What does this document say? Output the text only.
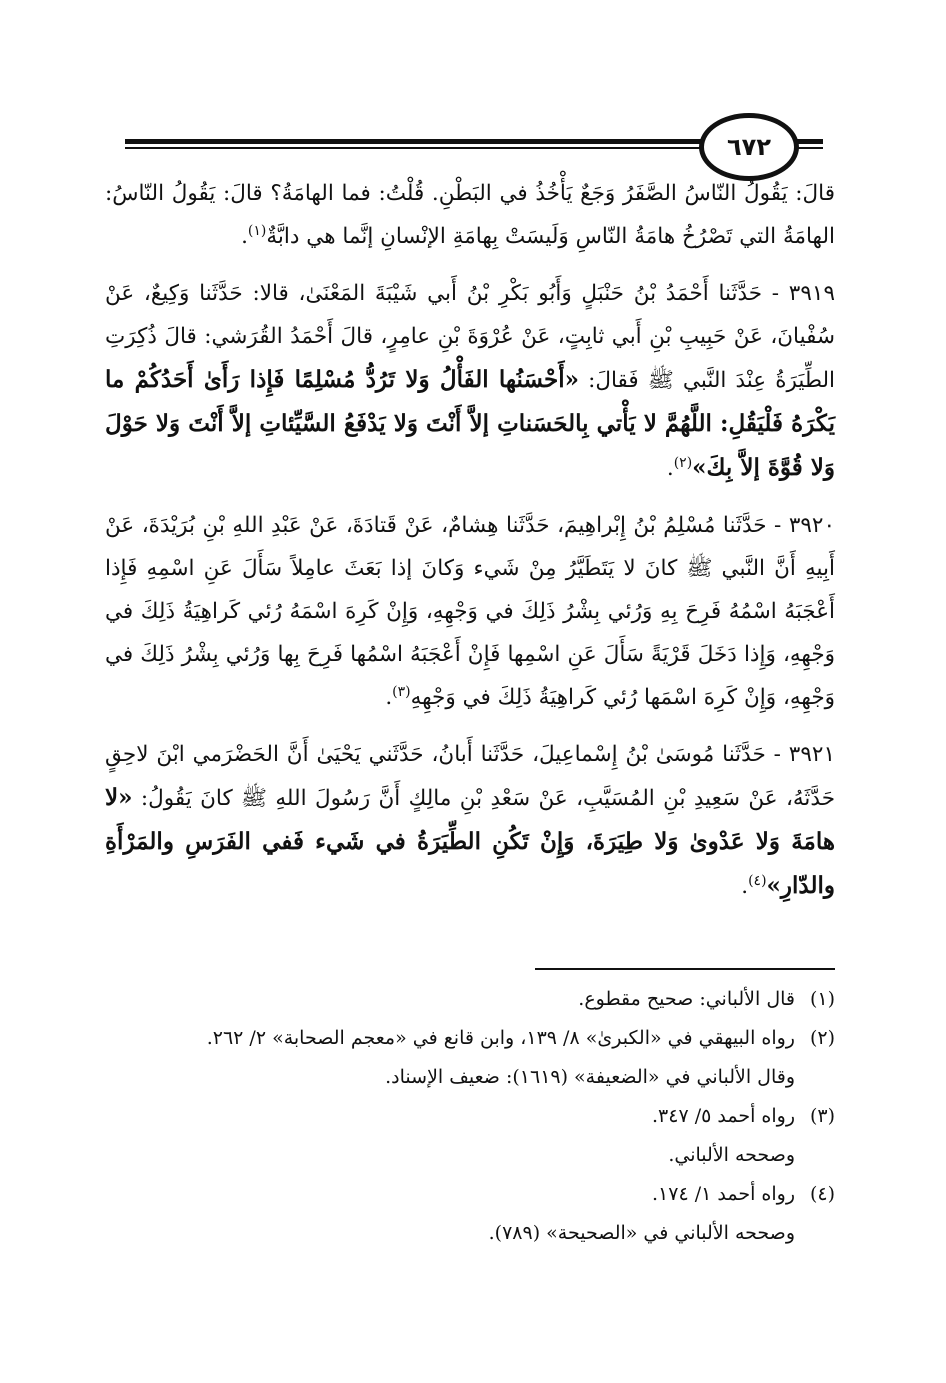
٦٧٢

قالَ: يَقُولُ النّاسُ الصَّفَرُ وَجَعٌ يَأْخُذُ في البَطْنِ. قُلْتُ: فما الهامَةُ؟ قالَ: يَقُولُ النّاسُ: الهامَةُ التي تَصْرُخُ هامَةُ النّاسِ وَلَيسَتْ بِهامَةِ الإنْسانِ إنَّما هي دابَّةٌ$^{(١)}$.

٣٩١٩ - حَدَّثَنا أَحْمَدُ بْنُ حَنْبَلٍ وَأَبُو بَكْرِ بْنُ أَبي شَيْبَةَ المَعْنَىٰ، قالا: حَدَّثَنا وَكِيعٌ، عَنْ سُفْيانَ، عَنْ حَبِيبِ بْنِ أَبي ثابِتٍ، عَنْ عُرْوَةَ بْنِ عامِرٍ، قالَ أَحْمَدُ القُرَشي: قالَ ذُكِرَتِ الطِّيَرَةُ عِنْدَ النَّبي ﷺ فَقالَ: «أَحْسَنُها الفَأْلُ وَلا تَرُدُّ مُسْلِمًا فَإِذا رَأَىٰ أَحَدُكُمْ ما يَكْرَهُ فَلْيَقُلِ: اللَّهُمَّ لا يَأْتي بِالحَسَناتِ إلاَّ أَنْتَ وَلا يَدْفَعُ السَّيِّئاتِ إلاَّ أَنْتَ وَلا حَوْلَ وَلا قُوَّةَ إلاَّ بِكَ»$^{(٢)}$.

٣٩٢٠ - حَدَّثَنا مُسْلِمُ بْنُ إِبْراهِيمَ، حَدَّثَنا هِشامٌ، عَنْ قَتادَةَ، عَنْ عَبْدِ اللهِ بْنِ بُرَيْدَةَ، عَنْ أَبِيهِ أَنَّ النَّبي ﷺ كانَ لا يَتَطَيَّرُ مِنْ شَيء وَكانَ إذا بَعَثَ عامِلاً سَأَلَ عَنِ اسْمِهِ فَإِذا أَعْجَبَهُ اسْمُهُ فَرِحَ بِهِ وَرُئي بِشْرُ ذَلِكَ في وَجْهِهِ، وَإِنْ كَرِهَ اسْمَهُ رُئي كَراهِيَةُ ذَلِكَ في وَجْهِهِ، وَإِذا دَخَلَ قَرْيَةً سَأَلَ عَنِ اسْمِها فَإِنْ أَعْجَبَهُ اسْمُها فَرِحَ بِها وَرُئي بِشْرُ ذَلِكَ في وَجْهِهِ، وَإِنْ كَرِهَ اسْمَها رُئي كَراهِيَةُ ذَلِكَ في وَجْهِهِ$^{(٣)}$.

٣٩٢١ - حَدَّثَنا مُوسَىٰ بْنُ إِسْماعِيلَ، حَدَّثَنا أَبانُ، حَدَّثَني يَحْيَىٰ أَنَّ الحَضْرَمي ابْنَ لاحِقٍ حَدَّثَهُ، عَنْ سَعِيدِ بْنِ المُسَيَّبِ، عَنْ سَعْدِ بْنِ مالِكٍ أَنَّ رَسُولَ اللهِ ﷺ كانَ يَقُولُ: «لا هامَةَ وَلا عَدْوىٰ وَلا طِيَرَةَ، وَإِنْ تَكُنِ الطِّيَرَةُ في شَيء فَفي الفَرَسِ والمَرْأَةِ والدّارِ»$^{(٤)}$.

(١)
قال الألباني: صحيح مقطوع.
(٢)
رواه البيهقي في «الكبرىٰ» ٨/ ١٣٩، وابن قانع في «معجم الصحابة» ٢/ ٢٦٢.
وقال الألباني في «الضعيفة» (١٦١٩): ضعيف الإسناد.
(٣)
رواه أحمد ٥/ ٣٤٧.
وصححه الألباني.
(٤)
رواه أحمد ١/ ١٧٤.
وصححه الألباني في «الصحيحة» (٧٨٩).
